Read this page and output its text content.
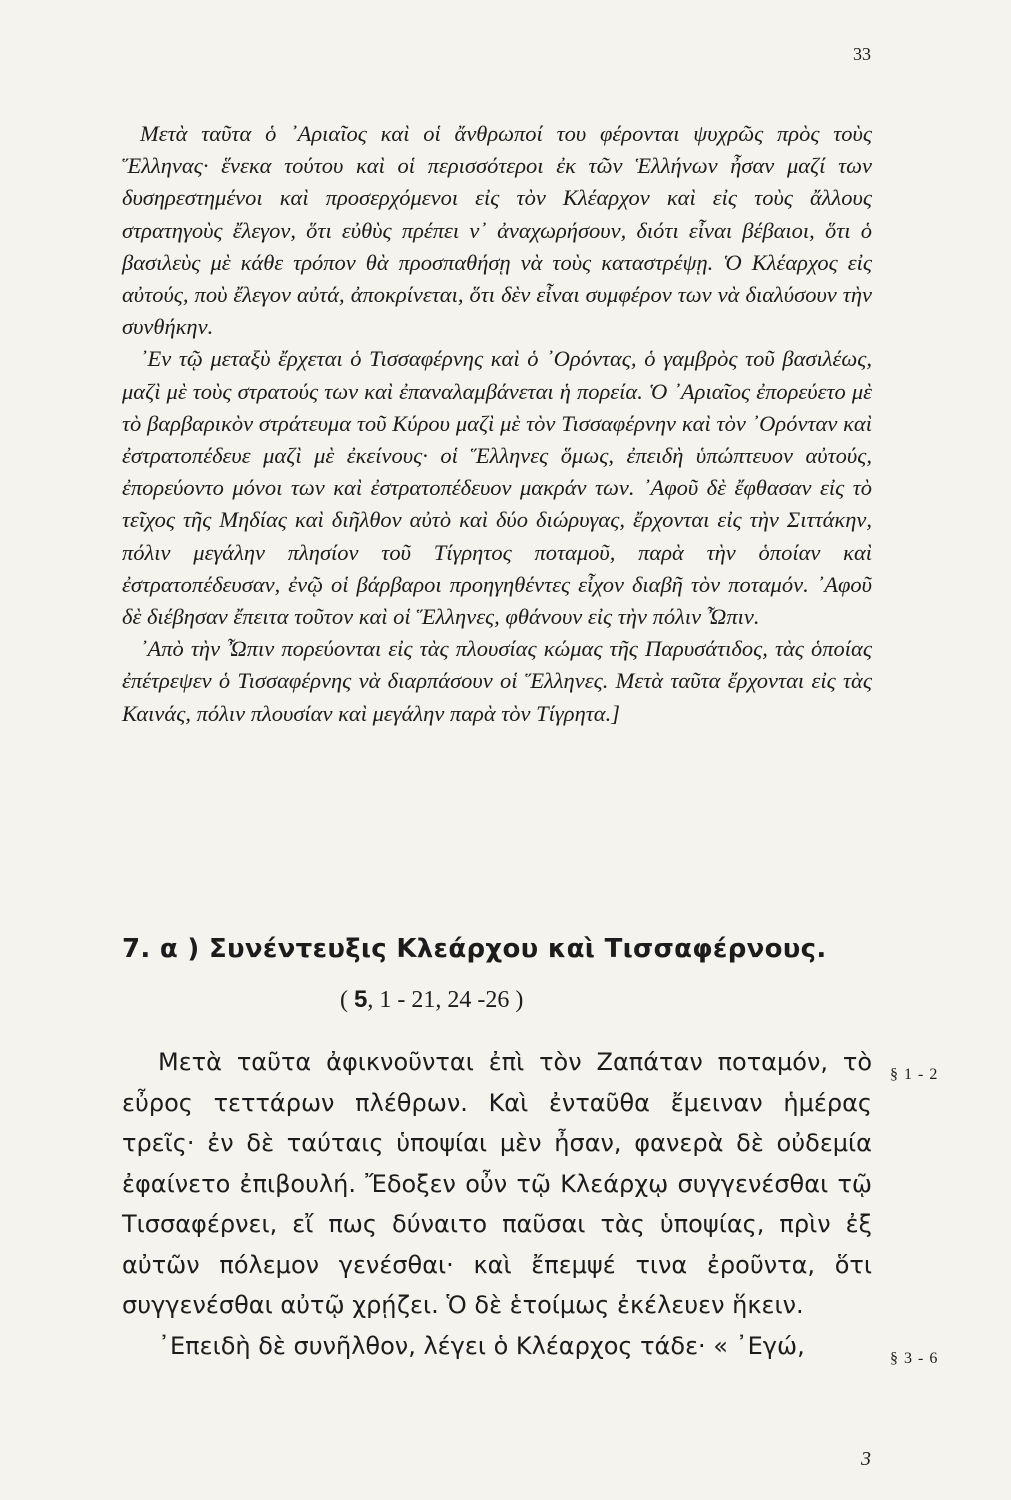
33

Μετὰ ταῦτα ὁ ᾿Αριαῖος καὶ οἱ ἄνθρωποί του φέρονται ψυχρῶς πρὸς τοὺς Ἕλληνας· ἕνεκα τούτου καὶ οἱ περισσότεροι ἐκ τῶν Ἑλλήνων ἦσαν μαζί των δυσηρεστημένοι καὶ προσερχόμενοι εἰς τὸν Κλέαρχον καὶ εἰς τοὺς ἄλλους στρατηγοὺς ἔλεγον, ὅτι εὐθὺς πρέπει ν᾿ ἀναχωρήσουν, διότι εἶναι βέβαιοι, ὅτι ὁ βασιλεὺς μὲ κάθε τρόπον θὰ προσπαθήσῃ νὰ τοὺς καταστρέψῃ. Ὁ Κλέαρχος εἰς αὐτούς, ποὺ ἔλεγον αὐτά, ἀποκρίνεται, ὅτι δὲν εἶναι συμφέρον των νὰ διαλύσουν τὴν συνθήκην.

᾿Εν τῷ μεταξὺ ἔρχεται ὁ Τισσαφέρνης καὶ ὁ ᾿Ορόντας, ὁ γαμβρὸς τοῦ βασιλέως, μαζὶ μὲ τοὺς στρατούς των καὶ ἐπαναλαμβάνεται ἡ πορεία. Ὁ ᾿Αριαῖος ἐπορεύετο μὲ τὸ βαρβαρικὸν στράτευμα τοῦ Κύρου μαζὶ μὲ τὸν Τισσαφέρνην καὶ τὸν ᾿Ορόνταν καὶ ἐστρατοπέδευε μαζὶ μὲ ἐκείνους· οἱ Ἕλληνες ὅμως, ἐπειδὴ ὑπώπτευον αὐτούς, ἐπορεύοντο μόνοι των καὶ ἐστρατοπέδευον μακράν των. ᾿Αφοῦ δὲ ἔφθασαν εἰς τὸ τεῖχος τῆς Μηδίας καὶ διῆλθον αὐτὸ καὶ δύο διώρυγας, ἔρχονται εἰς τὴν Σιττάκην, πόλιν μεγάλην πλησίον τοῦ Τίγρητος ποταμοῦ, παρὰ τὴν ὁποίαν καὶ ἐστρατοπέδευσαν, ἐνῷ οἱ βάρβαροι προηγηθέντες εἶχον διαβῆ τὸν ποταμόν. ᾿Αφοῦ δὲ διέβησαν ἔπειτα τοῦτον καὶ οἱ Ἕλληνες, φθάνουν εἰς τὴν πόλιν Ὦπιν.

᾿Απὸ τὴν Ὦπιν πορεύονται εἰς τὰς πλουσίας κώμας τῆς Παρυσάτιδος, τὰς ὁποίας ἐπέτρεψεν ὁ Τισσαφέρνης νὰ διαρπάσουν οἱ Ἕλληνες. Μετὰ ταῦτα ἔρχονται εἰς τὰς Καινάς, πόλιν πλουσίαν καὶ μεγάλην παρὰ τὸν Τίγρητα.]

7. α ) Συνέντευξις Κλεάρχου καὶ Τισσαφέρνους.
( 5, 1 - 21, 24 -26 )

Μετὰ ταῦτα ἀφικνοῦνται ἐπὶ τὸν Ζαπάταν ποταμόν, τὸ εὖρος τεττάρων πλέθρων. Καὶ ἐνταῦθα ἔμειναν ἡμέρας τρεῖς· ἐν δὲ ταύταις ὑποψίαι μὲν ἦσαν, φανερὰ δὲ οὐδεμία ἐφαίνετο ἐπιβουλή. Ἔδοξεν οὖν τῷ Κλεάρχῳ συγγενέσθαι τῷ Τισσαφέρνει, εἴ πως δύναιτο παῦσαι τὰς ὑποψίας, πρὶν ἐξ αὐτῶν πόλεμον γενέσθαι· καὶ ἔπεμψέ τινα ἐροῦντα, ὅτι συγγενέσθαι αὐτῷ χρῄζει. Ὁ δὲ ἑτοίμως ἐκέλευεν ἥκειν.

᾿Επειδὴ δὲ συνῆλθον, λέγει ὁ Κλέαρχος τάδε· « ᾿Εγώ,

§ 1 - 2
§ 3 - 6
3
